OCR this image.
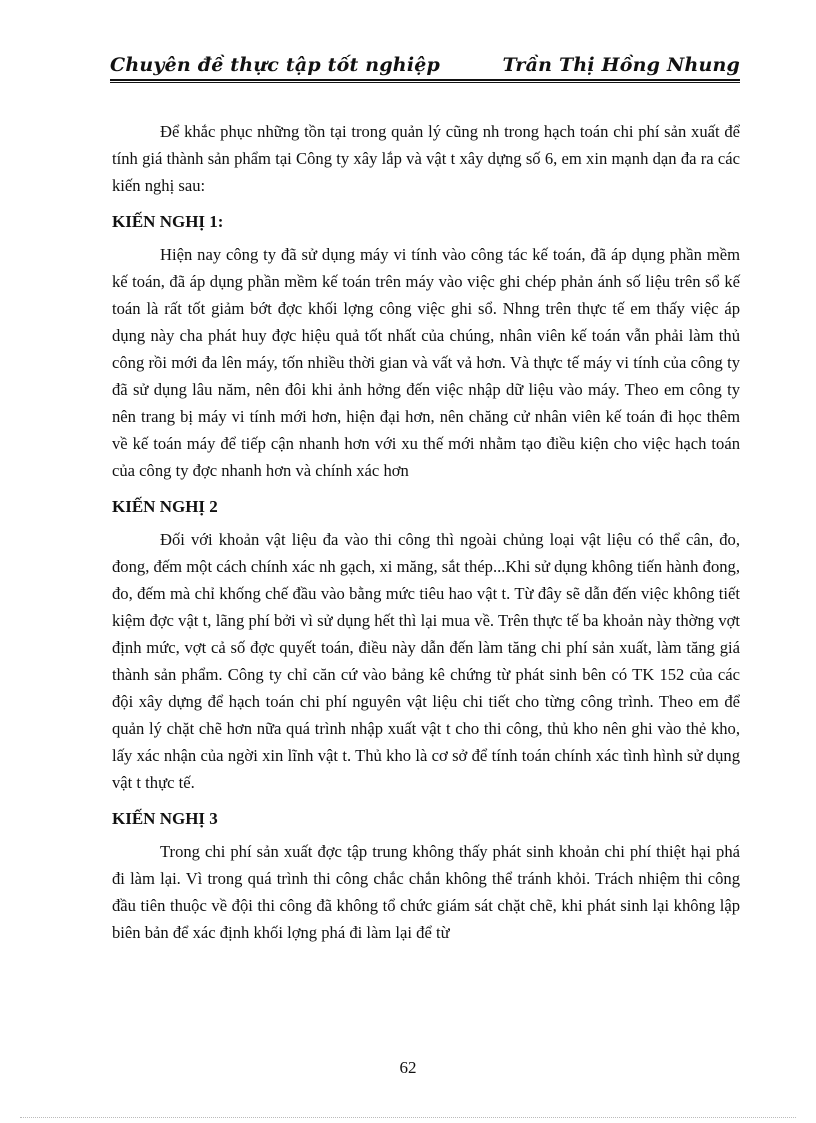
Chuyên đề thực tập tốt nghiệp	Trần Thị Hồng Nhung

Để khắc phục những tồn tại trong quản lý cũng nh trong hạch toán chi phí sản xuất để tính giá thành sản phẩm tại Công ty xây lắp và vật t xây dựng số 6, em xin mạnh dạn đa ra các kiến nghị sau:

KIẾN NGHỊ 1:

Hiện nay công ty đã sử dụng máy vi tính vào công tác kế toán, đã áp dụng phần mềm kế toán, đã áp dụng phần mềm kế toán trên máy vào việc ghi chép phản ánh số liệu trên sổ kế toán là rất tốt giảm bớt đợc khối lợng công việc ghi sổ. Nhng trên thực tế em thấy việc áp dụng này cha phát huy đợc hiệu quả tốt nhất của chúng, nhân viên kế toán vẫn phải làm thủ công rồi mới đa lên máy, tốn nhiều thời gian và vất vả hơn. Và thực tế máy vi tính của công ty đã sử dụng lâu năm, nên đôi khi ảnh hởng đến việc nhập dữ liệu vào máy. Theo em công ty nên trang bị máy vi tính mới hơn, hiện đại hơn, nên chăng cử nhân viên kế toán đi học thêm về kế toán máy để tiếp cận nhanh hơn với xu thế mới nhằm tạo điều kiện cho việc hạch toán của công ty đợc nhanh hơn và chính xác hơn

KIẾN NGHỊ 2

Đối với khoản vật liệu đa vào thi công thì ngoài chủng loại vật liệu có thể cân, đo, đong, đếm một cách chính xác nh gạch, xi măng, sắt thép...Khi sử dụng không tiến hành đong, đo, đếm mà chỉ khống chế đầu vào bằng mức tiêu hao vật t. Từ đây sẽ dẫn đến việc không tiết kiệm đợc vật t, lãng phí bởi vì sử dụng hết thì lại mua về. Trên thực tế ba khoản này thờng vợt định mức, vợt cả số đợc quyết toán, điều này dẫn đến làm tăng chi phí sản xuất, làm tăng giá thành sản phẩm. Công ty chỉ căn cứ vào bảng kê chứng từ phát sinh bên có TK 152 của các đội xây dựng để hạch toán chi phí nguyên vật liệu chi tiết cho từng công trình. Theo em để quản lý chặt chẽ hơn nữa quá trình nhập xuất vật t cho thi công, thủ kho nên ghi vào thẻ kho, lấy xác nhận của ngời xin lĩnh vật t. Thủ kho là cơ sở để tính toán chính xác tình hình sử dụng vật t thực tế.

KIẾN NGHỊ 3

Trong chi phí sản xuất đợc tập trung không thấy phát sinh khoản chi phí thiệt hại phá đi làm lại. Vì trong quá trình thi công chắc chắn không thể tránh khỏi. Trách nhiệm thi công đầu tiên thuộc về đội thi công đã không tổ chức giám sát chặt chẽ, khi phát sinh lại không lập biên bản để xác định khối lợng phá đi làm lại để từ

62
